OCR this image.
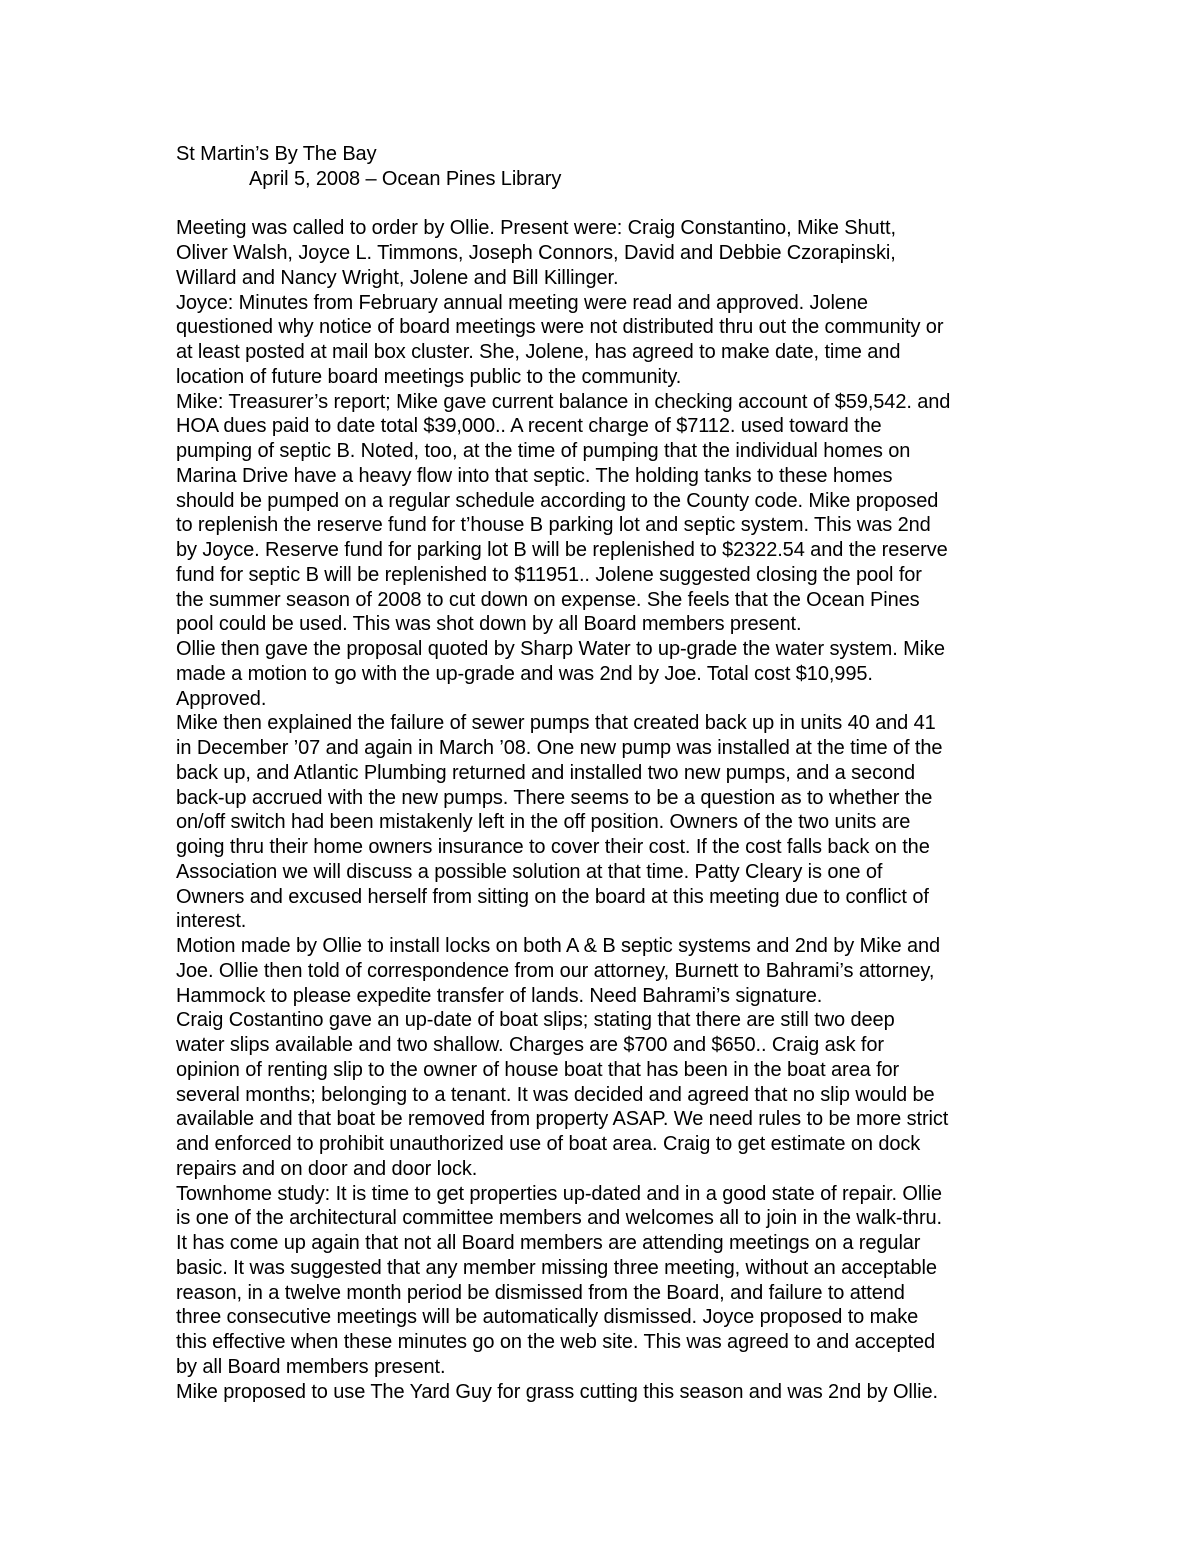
St Martin’s By The Bay
April 5, 2008 – Ocean Pines Library
Meeting was called to order by Ollie. Present were: Craig Constantino, Mike Shutt,
Oliver Walsh, Joyce L. Timmons, Joseph Connors, David and Debbie Czorapinski,
Willard and Nancy Wright, Jolene and Bill Killinger.
Joyce: Minutes from February annual meeting were read and approved. Jolene
questioned why notice of board meetings were not distributed thru out the community or
at least posted at mail box cluster. She, Jolene, has agreed to make date, time and
location of future board meetings public to the community.
Mike: Treasurer’s report; Mike gave current balance in checking account of $59,542. and
HOA dues paid to date total $39,000.. A recent charge of $7112. used toward the
pumping of septic B. Noted, too, at the time of pumping that the individual homes on
Marina Drive have a heavy flow into that septic. The holding tanks to these homes
should be pumped on a regular schedule according to the County code. Mike proposed
to replenish the reserve fund for t’house B parking lot and septic system. This was 2nd
by Joyce. Reserve fund for parking lot B will be replenished to $2322.54 and the reserve
fund for septic B will be replenished to $11951.. Jolene suggested closing the pool for
the summer season of 2008 to cut down on expense. She feels that the Ocean Pines
pool could be used. This was shot down by all Board members present.
Ollie then gave the proposal quoted by Sharp Water to up-grade the water system. Mike
made a motion to go with the up-grade and was 2nd by Joe. Total cost $10,995.
Approved.
Mike then explained the failure of sewer pumps that created back up in units 40 and 41
in December ’07 and again in March ’08. One new pump was installed at the time of the
back up, and Atlantic Plumbing returned and installed two new pumps, and a second
back-up accrued with the new pumps. There seems to be a question as to whether the
on/off switch had been mistakenly left in the off position. Owners of the two units are
going thru their home owners insurance to cover their cost. If the cost falls back on the
Association we will discuss a possible solution at that time. Patty Cleary is one of
Owners and excused herself from sitting on the board at this meeting due to conflict of
interest.
Motion made by Ollie to install locks on both A & B septic systems and 2nd by Mike and
Joe. Ollie then told of correspondence from our attorney, Burnett to Bahrami’s attorney,
Hammock to please expedite transfer of lands. Need Bahrami’s signature.
Craig Costantino gave an up-date of boat slips; stating that there are still two deep
water slips available and two shallow. Charges are $700 and $650.. Craig ask for
opinion of renting slip to the owner of house boat that has been in the boat area for
several months; belonging to a tenant. It was decided and agreed that no slip would be
available and that boat be removed from property ASAP. We need rules to be more strict
and enforced to prohibit unauthorized use of boat area. Craig to get estimate on dock
repairs and on door and door lock.
Townhome study: It is time to get properties up-dated and in a good state of repair. Ollie
is one of the architectural committee members and welcomes all to join in the walk-thru.
It has come up again that not all Board members are attending meetings on a regular
basic. It was suggested that any member missing three meeting, without an acceptable
reason, in a twelve month period be dismissed from the Board, and failure to attend
three consecutive meetings will be automatically dismissed. Joyce proposed to make
this effective when these minutes go on the web site. This was agreed to and accepted
by all Board members present.
Mike proposed to use The Yard Guy for grass cutting this season and was 2nd by Ollie.
